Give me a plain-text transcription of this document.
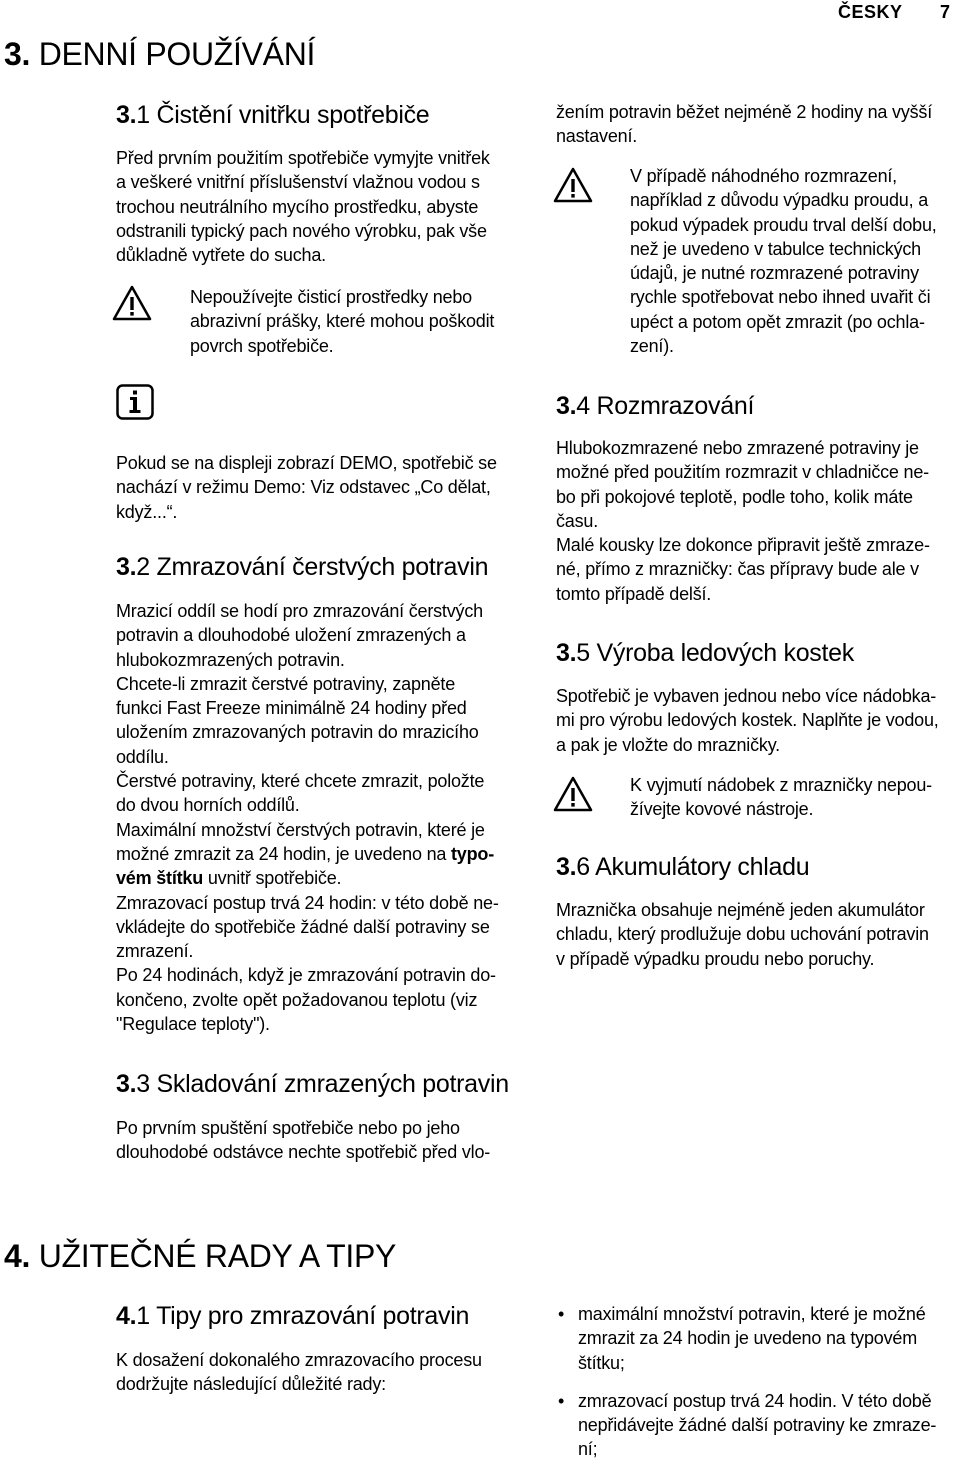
ČESKY 7
3. DENNÍ POUŽÍVÁNÍ
3.1 Čistění vnitřku spotřebiče
Před prvním použitím spotřebiče vymyjte vnitřek
a veškeré vnitřní příslušenství vlažnou vodou s
trochou neutrálního mycího prostředku, abyste
odstranili typický pach nového výrobku, pak vše
důkladně vytřete do sucha.
Nepoužívejte čisticí prostředky nebo
abrazivní prášky, které mohou poškodit
povrch spotřebiče.
Pokud se na displeji zobrazí DEMO, spotřebič se
nachází v režimu Demo: Viz odstavec „Co dělat,
když...“.
3.2 Zmrazování čerstvých potravin
Mrazicí oddíl se hodí pro zmrazování čerstvých
potravin a dlouhodobé uložení zmrazených a
hlubokozmrazených potravin.
Chcete-li zmrazit čerstvé potraviny, zapněte
funkci Fast Freeze minimálně 24 hodiny před
uložením zmrazovaných potravin do mrazicího
oddílu.
Čerstvé potraviny, které chcete zmrazit, položte
do dvou horních oddílů.
Maximální množství čerstvých potravin, které je
možné zmrazit za 24 hodin, je uvedeno na typo-
vém štítku uvnitř spotřebiče.
Zmrazovací postup trvá 24 hodin: v této době ne-
vkládejte do spotřebiče žádné další potraviny se
zmrazení.
Po 24 hodinách, když je zmrazování potravin do-
končeno, zvolte opět požadovanou teplotu (viz
"Regulace teploty").
3.3 Skladování zmrazených potravin
Po prvním spuštění spotřebiče nebo po jeho
dlouhodobé odstávce nechte spotřebič před vlo-
žením potravin běžet nejméně 2 hodiny na vyšší
nastavení.
V případě náhodného rozmrazení,
například z důvodu výpadku proudu, a
pokud výpadek proudu trval delší dobu,
než je uvedeno v tabulce technických
údajů, je nutné rozmrazené potraviny
rychle spotřebovat nebo ihned uvařit či
upéct a potom opět zmrazit (po ochla-
zení).
3.4 Rozmrazování
Hlubokozmrazené nebo zmrazené potraviny je
možné před použitím rozmrazit v chladničce ne-
bo při pokojové teplotě, podle toho, kolik máte
času.
Malé kousky lze dokonce připravit ještě zmraze-
né, přímo z mrazničky: čas přípravy bude ale v
tomto případě delší.
3.5 Výroba ledových kostek
Spotřebič je vybaven jednou nebo více nádobka-
mi pro výrobu ledových kostek. Naplňte je vodou,
a pak je vložte do mrazničky.
K vyjmutí nádobek z mrazničky nepou-
žívejte kovové nástroje.
3.6 Akumulátory chladu
Mraznička obsahuje nejméně jeden akumulátor
chladu, který prodlužuje dobu uchování potravin
v případě výpadku proudu nebo poruchy.
4. UŽITEČNÉ RADY A TIPY
4.1 Tipy pro zmrazování potravin
K dosažení dokonalého zmrazovacího procesu
dodržujte následující důležité rady:
• maximální množství potravin, které je možné
zmrazit za 24 hodin je uvedeno na typovém
štítku;
• zmrazovací postup trvá 24 hodin. V této době
nepřidávejte žádné další potraviny ke zmraze-
ní;
